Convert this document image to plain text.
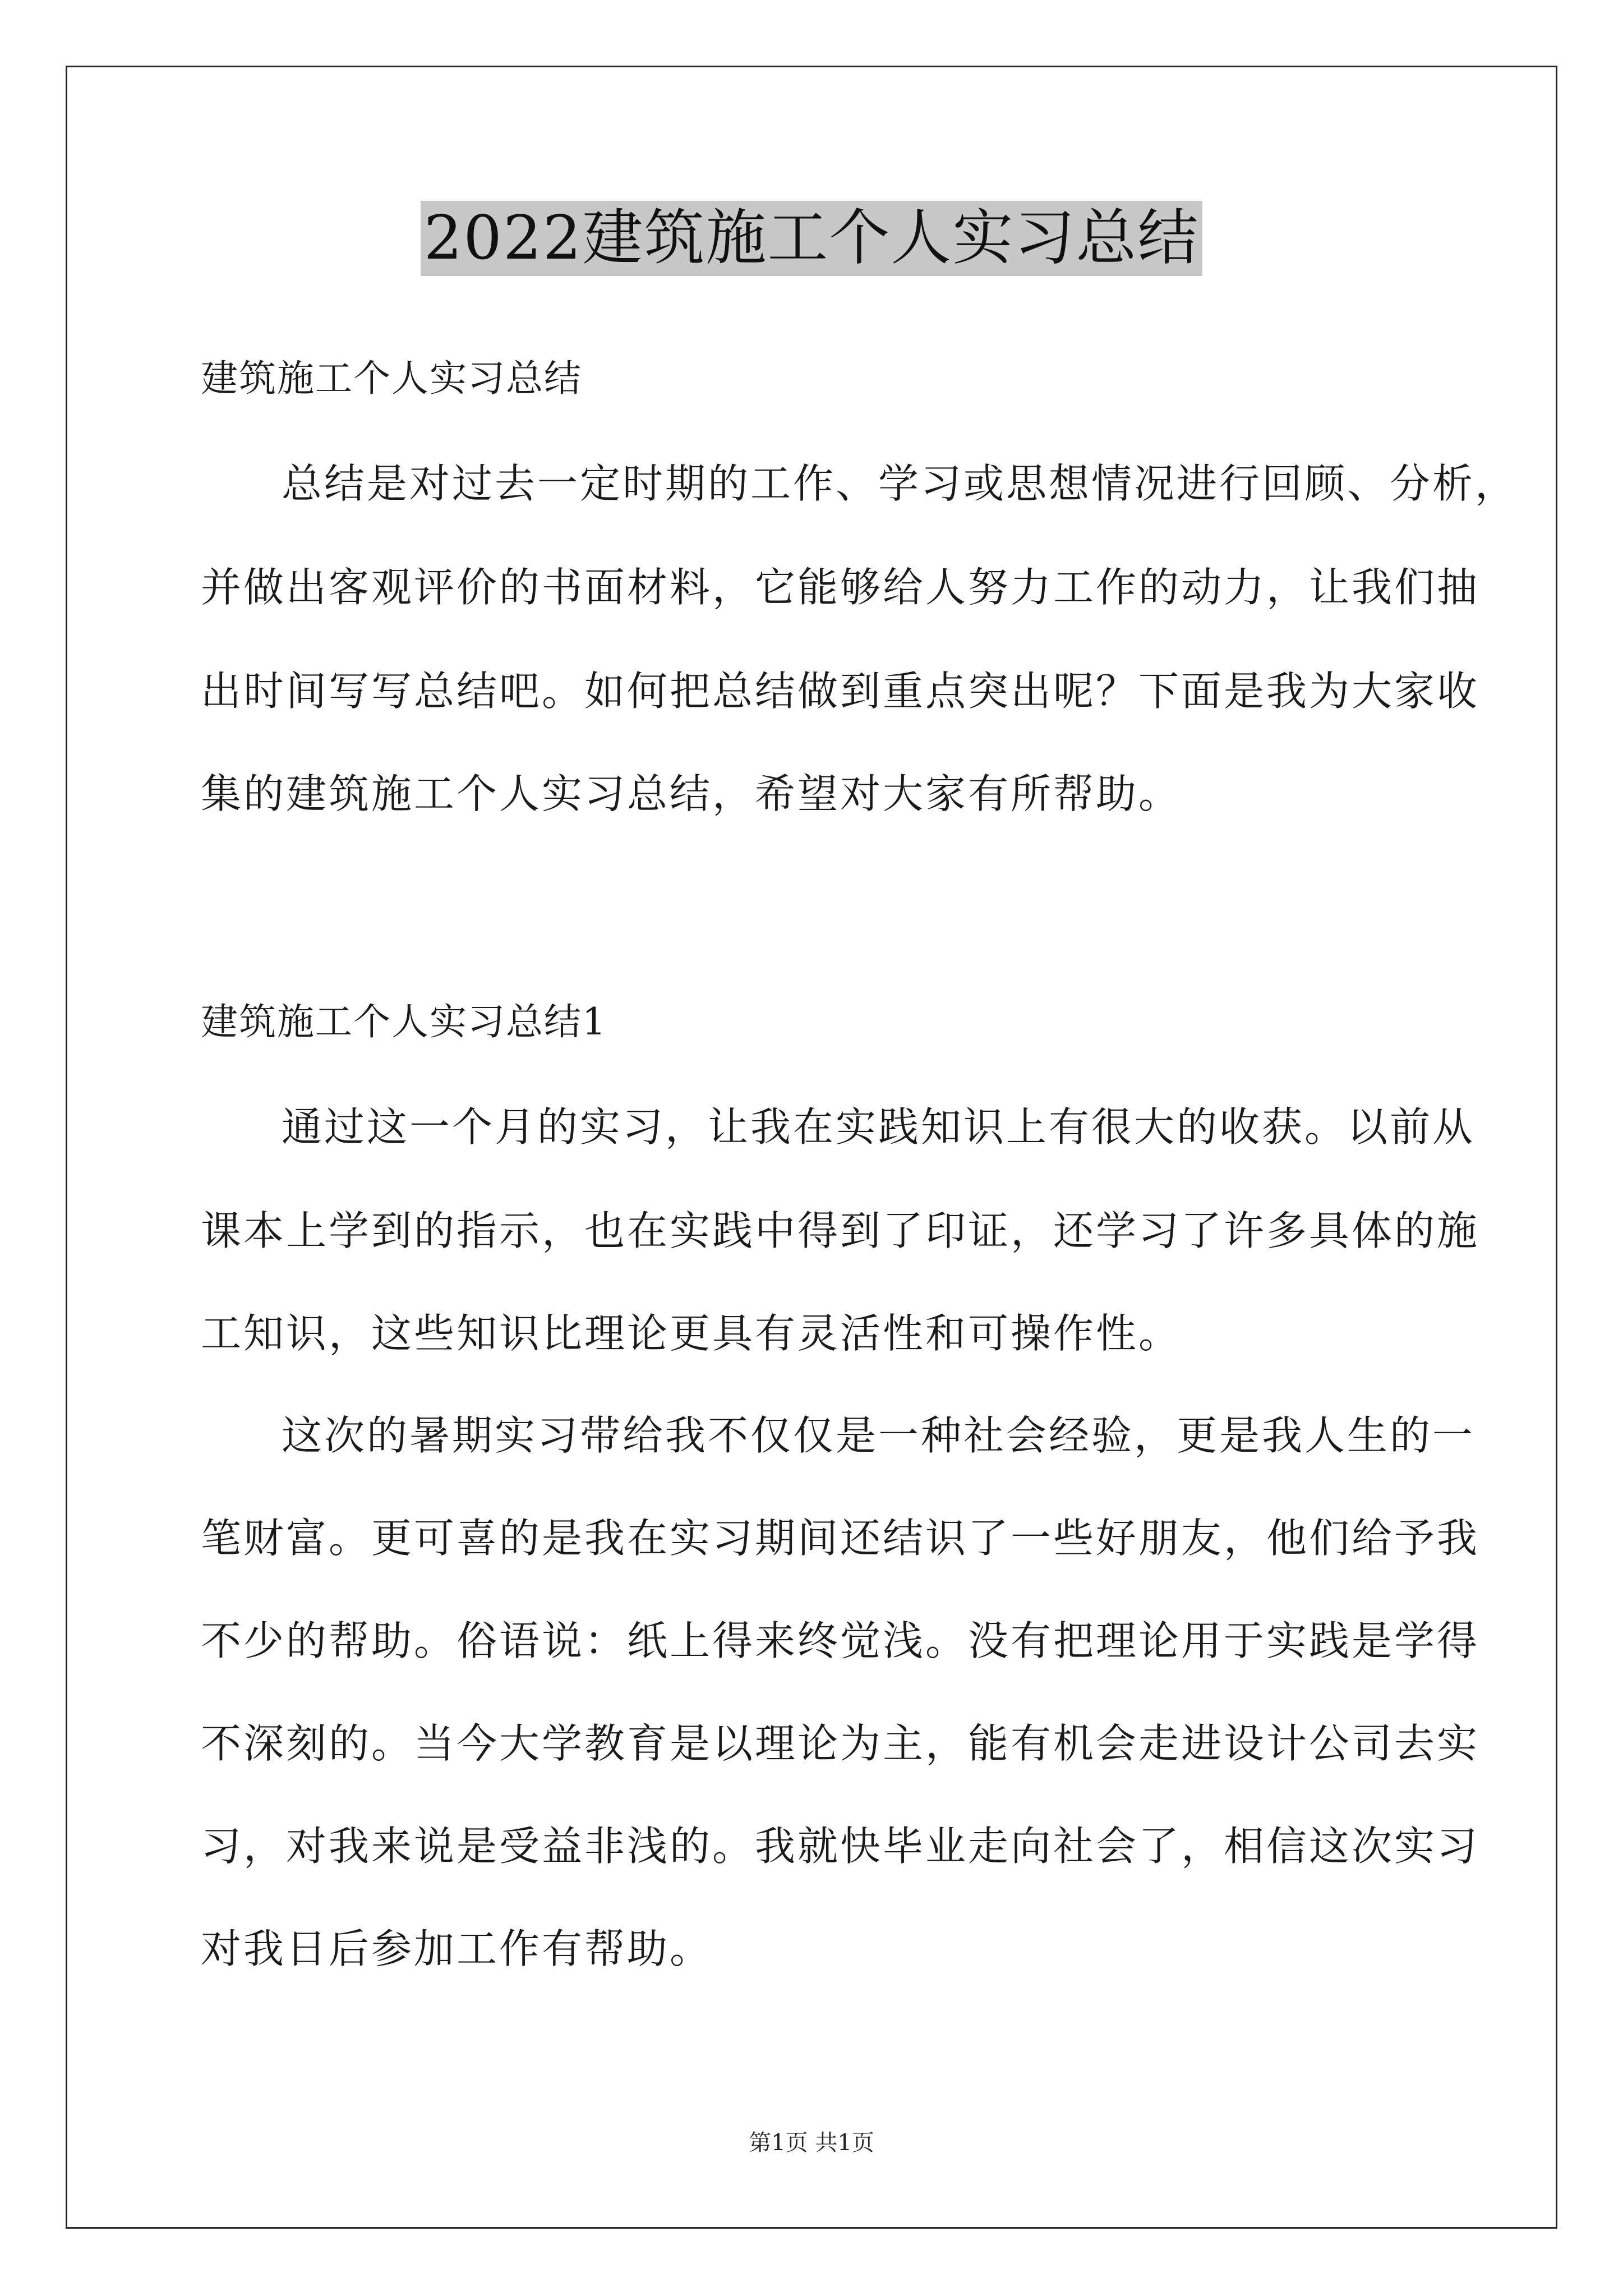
2022建筑施工个人实习总结
建筑施工个人实习总结
总结是对过去一定时期的工作、学习或思想情况进行回顾、分析，
并做出客观评价的书面材料，它能够给人努力工作的动力，让我们抽
出时间写写总结吧。如何把总结做到重点突出呢？下面是我为大家收
集的建筑施工个人实习总结，希望对大家有所帮助。
建筑施工个人实习总结1
通过这一个月的实习，让我在实践知识上有很大的收获。以前从
课本上学到的指示，也在实践中得到了印证，还学习了许多具体的施
工知识，这些知识比理论更具有灵活性和可操作性。
这次的暑期实习带给我不仅仅是一种社会经验，更是我人生的一
笔财富。更可喜的是我在实习期间还结识了一些好朋友，他们给予我
不少的帮助。俗语说：纸上得来终觉浅。没有把理论用于实践是学得
不深刻的。当今大学教育是以理论为主，能有机会走进设计公司去实
习，对我来说是受益非浅的。我就快毕业走向社会了，相信这次实习
对我日后参加工作有帮助。
第1页 共1页
